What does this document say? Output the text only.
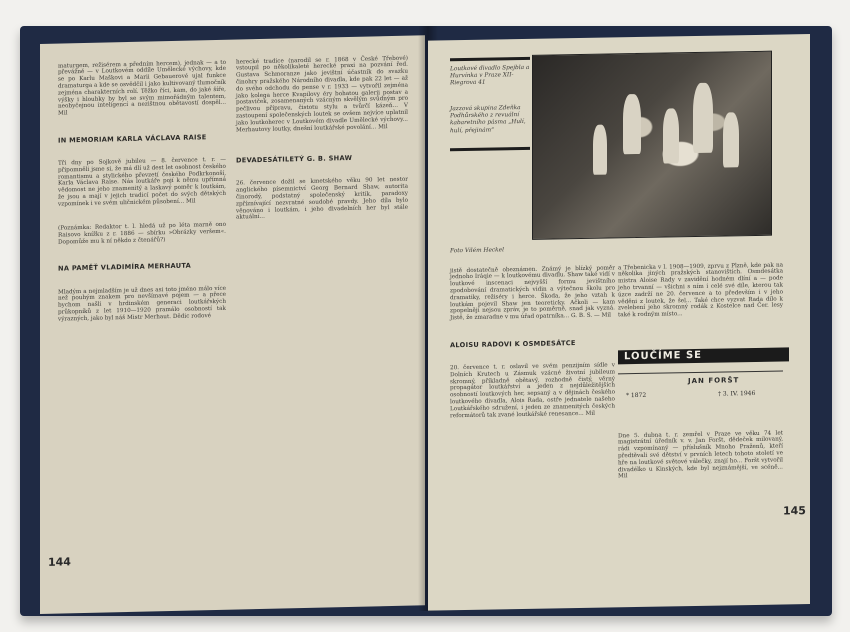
maturgem, režisérem a předním hercem), jednak — a to převážně — v Loutkovém oddíle Umělecké výchovy, kde se po Karlu Maškovi a Marii Gebauerové ujal funkce dramaturga a kde se osvědčil i jako kultivovaný tlumočník zejména charakterních rolí. Těžko říci, kam, do jaké šíře, výšky i hloubky by byl se svým mimořádným talentem, neobyčejnou inteligencí a nezištnou obětavostí dospěl... Mil

IN MEMORIAM KARLA VÁCLAVA RAISE

Tři dny po Sojkově jubileu — 8. července t. r. — připomněli jsme si, že má dlí už dest let osobnost českého romantismu a stylického převzetí českého Podkrkonoší, Karla Václava Raise. Nás loutkáře pojí k němu upřímná vědomost ne jeho znamenitý a laskavý poměr k loutkám, že jsou a mají v jejich tradicí počet do svých dětských vzpomínek i ve svém uličnickém působení... Mil

(Poznámka: Redaktor t. l. hledá už po léta marně ono Raisovo knížku z r. 1886 — sbírku »Obrázky veršem«. Dopomůže mu k ní někdo z čtenářů?)

NA PAMĚŤ VLADIMÍRA MERHAUTA

Mladým a nejmladším je už dnes asi toto jméno málo více než pouhým znakem pro nevšímavé pojem — a přece bychom našli v hrdinském generaci loutkářských průkopníků z let 1910—1920 pramálo osobností tak výrazných, jako byl náš Mistr Merhaut. Dědic rodové

herecké tradice (narodil se r. 1868 v České Třebové) vstoupil po několikaleté herecké praxi na pozvání řed. Gustava Schmoranze jako jevištní účastník do svazku činohry pražského Národního divadla, kde pak 22 let — až do svého odchodu do pense v r. 1933 — vytvořil zejména jako kolega herce Kvapilovy éry bohatou galerii postav a postaviček, zosamenaných vzácným skvělým svůdným pro pečlivou přípravu, čistotu stylu a tvůrčí kázeň... V zastoupení společenských loutek se ovšem nejvíce uplatnil jako loutkoherec v Loutkovém divadle Umělecké výchovy... Merhautovy loutky, dnešní loutkářské povolání... Mil

DEVADESÁTILETÝ G. B. SHAW

26. července dožil se kmetského věku 90 let nestor anglického písemnictví Georg Bernard Shaw, autorita činorodý, podstatný společenský kritik, paradoxy zpříznívající nezvratné soudobé pravdy. Jeho díla bylo věnováno i loutkám, i jeho divadelních her byl stále aktuální...

144
Loutkové divadlo Spejbla a Hurvínka v Praze XII-Riegrova 41
Jazzová skupina Zdeňka Podhůrského z revuální kabaretního pásma „Hulí, hulí, přejinám“
Foto Vilém Heckel

jistě dostatečně obeznámen. Známý je blízký poměr jednoho Iráqie — k loutkovému divadlu. Shaw také vidí v loutkové inscenaci nejvyšší formu jevištního zpodobování dramatických vidin a výtečnou školu pro dramatiky, režiséry i herce. Škoda, že jeho vztah k loutkám pojevil Shaw jen teoreticky. Ačkoli — kam zpopelnějí nejsou zpráv, je to poměrně, snad jak vyzná. Jistě, že zmaradne v mu úřad opatrníka... G. B. S. — Mil

ALOISU RADOVI K OSMDESÁTCE

20. července t. r. oslavil ve svém penzijním sídle v Dolních Krutech u Zásmuk vzácné životní jubileum skromný, příkladně obětavý, rozhodně čistý, věrný propagátor loutkářství a jeden z nejdůležitějších osobností loutkových her, sepsaný a v dějinách českého loutkového divadla, Alois Rada, ostře jednatele našeho Loutkářského sdružení, i jeden ze znamenitých českých reformátorů tak zvané loutkářské renesance... Mil

a Třebenicka v l. 1908—1909, zprvu z Plzně, kde pak na několika jiných pražských stanovištích. Osmdesátka mistra Aloise Rady v zavidění hodném dlíní a — pode jeho trvanní — všichni s ním i celé své díle, kterou tak úzce zadrží ne 20. července a to především i v jeho věděni z loutek, že šel... Také chce vyzvat Rada dílo k zvelebení jeho skromný rodák z Kostelce nad Čer. lesy také k rodným místo...

LOUČÍME SE
JAN FORŠT
* 1872	† 3. IV. 1946

Dne 5. dubna t. r. zemřel v Praze ve věku 74 let magistrátní úředník v. v. Jan Foršt, dědeček milovaný, rádi vzpomínaný — příslušník Mnoho Praženů, kteří předtěvali své dětství v prvních letech tohoto století ve hře na loutkové světové válečky, znají ho... Foršt vytvořil divadélko u Kinských, kde byl nejznámější, ve scéně... Mil

145
